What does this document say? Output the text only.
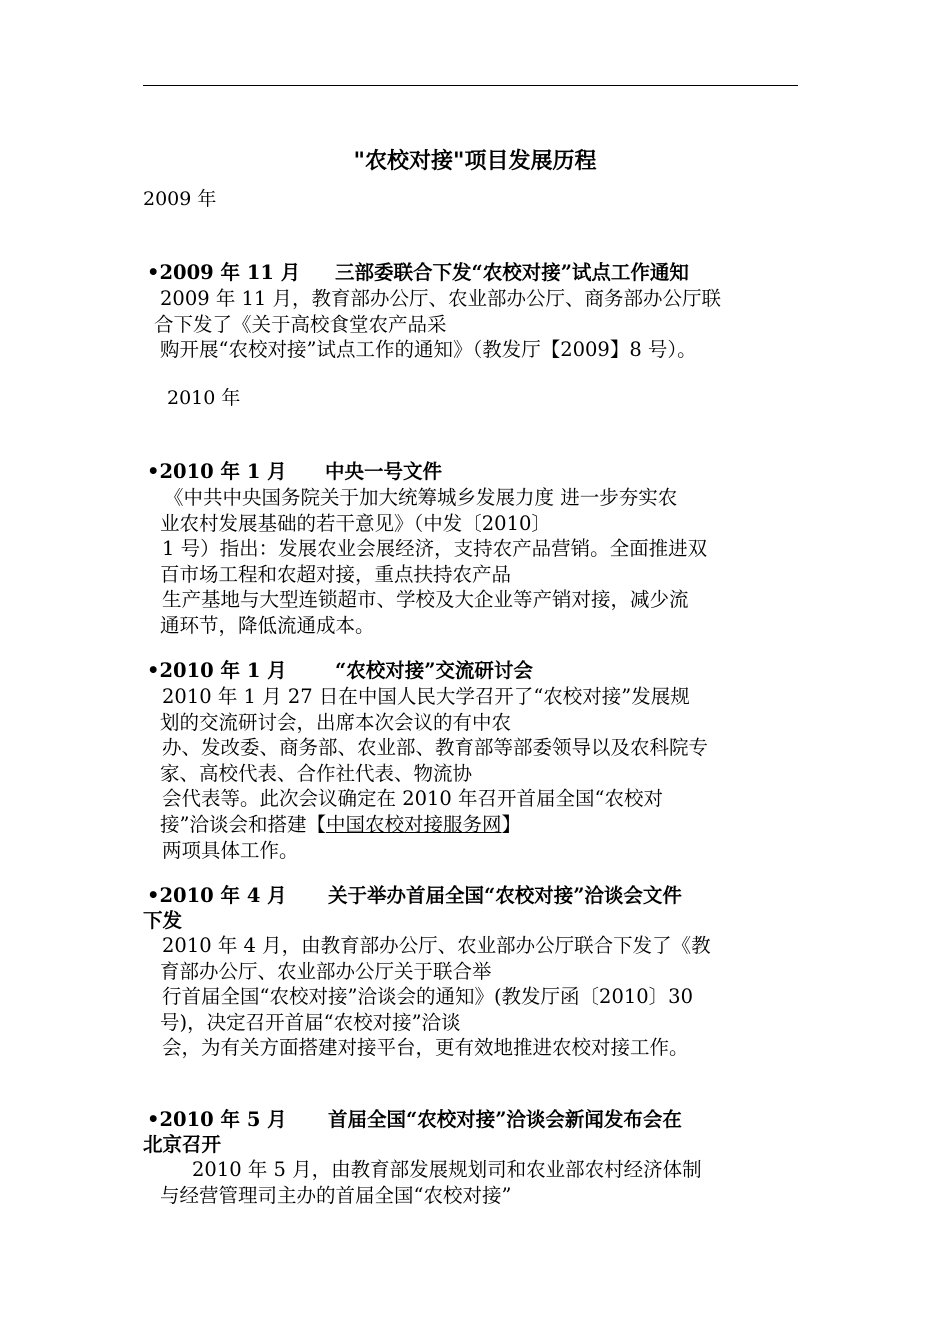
"农校对接"项目发展历程
2009 年
•2009 年 11 月 三部委联合下发“农校对接”试点工作通知
2009 年 11 月，教育部办公厅、农业部办公厅、商务部办公厅联
合下发了《关于高校食堂农产品采
购开展“农校对接”试点工作的通知》（教发厅【2009】8 号）。
2010 年
•2010 年 1 月 中央一号文件
《中共中央国务院关于加大统筹城乡发展力度 进一步夯实农
业农村发展基础的若干意见》（中发〔2010〕
1 号）指出：发展农业会展经济，支持农产品营销。全面推进双
百市场工程和农超对接，重点扶持农产品
生产基地与大型连锁超市、学校及大企业等产销对接，减少流
通环节，降低流通成本。
•2010 年 1 月 “农校对接”交流研讨会
2010 年 1 月 27 日在中国人民大学召开了“农校对接”发展规
划的交流研讨会，出席本次会议的有中农
办、发改委、商务部、农业部、教育部等部委领导以及农科院专
家、高校代表、合作社代表、物流协
会代表等。此次会议确定在 2010 年召开首届全国“农校对
接”洽谈会和搭建【中国农校对接服务网】
两项具体工作。
•2010 年 4 月 关于举办首届全国“农校对接”洽谈会文件
下发
2010 年 4 月，由教育部办公厅、农业部办公厅联合下发了《教
育部办公厅、农业部办公厅关于联合举
行首届全国“农校对接”洽谈会的通知》(教发厅函〔2010〕30
号)，决定召开首届“农校对接”洽谈
会，为有关方面搭建对接平台，更有效地推进农校对接工作。
•2010 年 5 月 首届全国“农校对接”洽谈会新闻发布会在
北京召开
2010 年 5 月，由教育部发展规划司和农业部农村经济体制
与经营管理司主办的首届全国“农校对接”
